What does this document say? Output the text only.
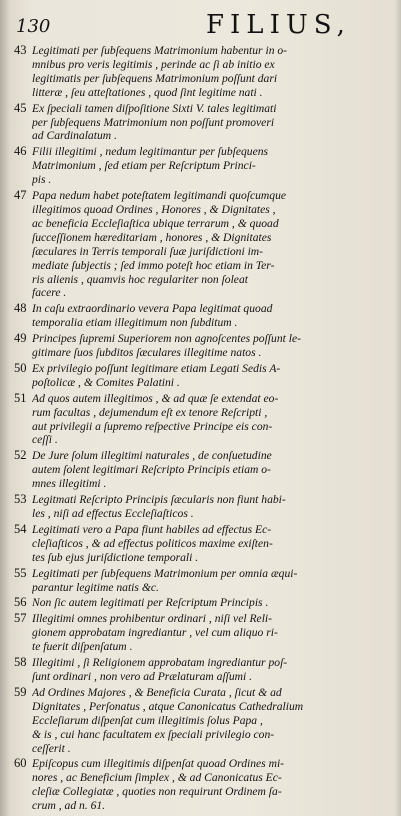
130	FILIUS,
43 Legitimati per ſubſequens Matrimonium habentur in o-
mnibus pro veris legitimis , perinde ac ſi ab initio ex
legitimatis per ſubſequens Matrimonium poſſunt dari
litteræ , ſeu atteſtationes , quod ſint legitime nati .
45 Ex ſpeciali tamen diſpoſitione Sixti V. tales legitimati
per ſubſequens Matrimonium non poſſunt promoveri
ad Cardinalatum .
46 Filii illegitimi , nedum legitimantur per ſubſequens
Matrimonium , ſed etiam per Reſcriptum Princi-
pis .
47 Papa nedum habet poteſtatem legitimandi quoſcumque
illegitimos quoad Ordines , Honores , & Dignitates ,
ac beneficia Eccleſiaſtica ubique terrarum , & quoad
ſucceſſionem hæreditariam , honores , & Dignitates
ſæculares in Terris temporali ſuæ juriſdictioni im-
mediate ſubjectis ; ſed immo poteſt hoc etiam in Ter-
ris alienis , quamvis hoc regulariter non ſoleat
facere .
48 In caſu extraordinario vevera Papa legitimat quoad
temporalia etiam illegitimum non ſubditum .
49 Principes ſupremi Superiorem non agnoſcentes poſſunt le-
gitimare ſuos ſubditos ſæculares illegitime natos .
50 Ex privilegio poſſunt legitimare etiam Legati Sedis A-
poſtolicæ , & Comites Palatini .
51 Ad quos autem illegitimos , & ad quæ ſe extendat eo-
rum facultas , dejumendum eſt ex tenore Reſcripti ,
aut privilegii a ſupremo reſpective Principe eis con-
ceſſi .
52 De Jure ſolum illegitimi naturales , de conſuetudine
autem ſolent legitimari Reſcripto Principis etiam o-
mnes illegitimi .
53 Legitmati Reſcripto Principis ſæcularis non fiunt habi-
les , niſi ad effectus Eccleſiaſticos .
54 Legitimati vero a Papa fiunt habiles ad effectus Ec-
cleſiaſticos , & ad effectus politicos maxime exiſten-
tes ſub ejus juriſdictione temporali .
55 Legitimati per ſubſequens Matrimonium per omnia æqui-
parantur legitime natis &c.
56 Non ſic autem legitimati per Reſcriptum Principis .
57 Illegitimi omnes prohibentur ordinari , niſi vel Reli-
gionem approbatam ingrediantur , vel cum aliquo ri-
te fuerit diſpenſatum .
58 Illegitimi , ſi Religionem approbatam ingrediantur poſ-
ſunt ordinari , non vero ad Prælaturam aſſumi .
59 Ad Ordines Majores , & Beneficia Curata , ſicut & ad
Dignitates , Perſonatus , atque Canonicatus Cathedralium
Eccleſiarum diſpenſat cum illegitimis ſolus Papa ,
& is , cui hanc facultatem ex ſpeciali privilegio con-
ceſſerit .
60 Epiſcopus cum illegitimis diſpenſat quoad Ordines mi-
nores , ac Beneficium ſimplex , & ad Canonicatus Ec-
cleſiæ Collegiatæ , quoties non requirunt Ordinem ſa-
crum , ad n. 61.
